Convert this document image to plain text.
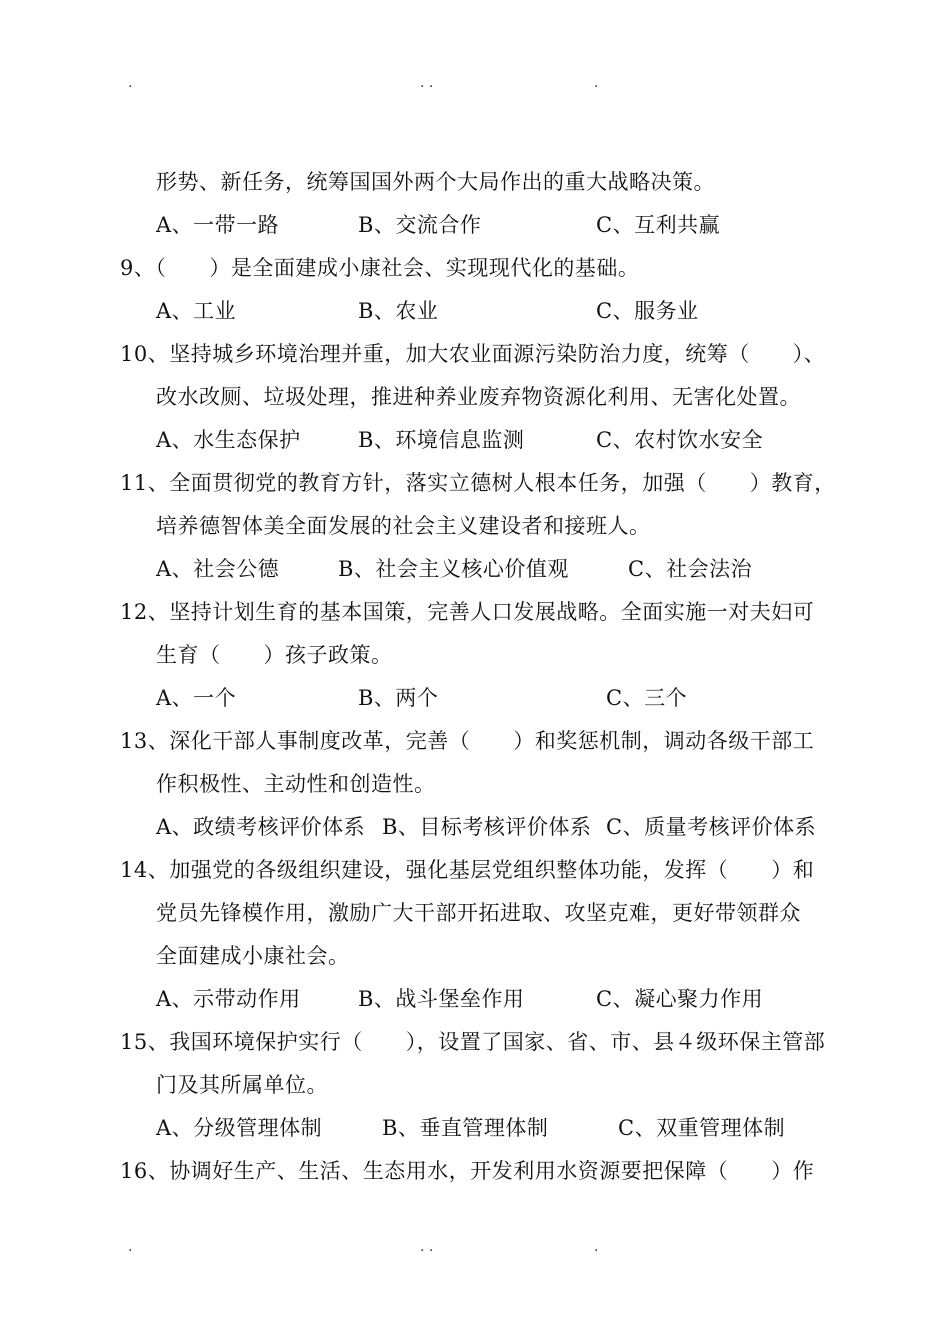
.	. .	.
形势、新任务，统筹国国外两个大局作出的重大战略决策。
A、一带一路	B、交流合作	C、互利共赢
9、（　　）是全面建成小康社会、实现现代化的基础。
A、工业	B、农业	C、服务业
10、坚持城乡环境治理并重，加大农业面源污染防治力度，统筹（　　）、
改水改厕、垃圾处理，推进种养业废弃物资源化利用、无害化处置。
A、水生态保护	B、环境信息监测	C、农村饮水安全
11、全面贯彻党的教育方针，落实立德树人根本任务，加强（　　）教育，
培养德智体美全面发展的社会主义建设者和接班人。
A、社会公德	B、社会主义核心价值观	C、社会法治
12、坚持计划生育的基本国策，完善人口发展战略。全面实施一对夫妇可
生育（　　）孩子政策。
A、一个	B、两个	C、三个
13、深化干部人事制度改革，完善（　　）和奖惩机制，调动各级干部工
作积极性、主动性和创造性。
A、政绩考核评价体系 B、目标考核评价体系 C、质量考核评价体系
14、加强党的各级组织建设，强化基层党组织整体功能，发挥（　　）和
党员先锋模作用，激励广大干部开拓进取、攻坚克难，更好带领群众
全面建成小康社会。
A、示带动作用	B、战斗堡垒作用	C、凝心聚力作用
15、我国环境保护实行（　　），设置了国家、省、市、县４级环保主管部
门及其所属单位。
A、分级管理体制	B、垂直管理体制	C、双重管理体制
16、协调好生产、生活、生态用水，开发利用水资源要把保障（　　）作
.	. .	.
